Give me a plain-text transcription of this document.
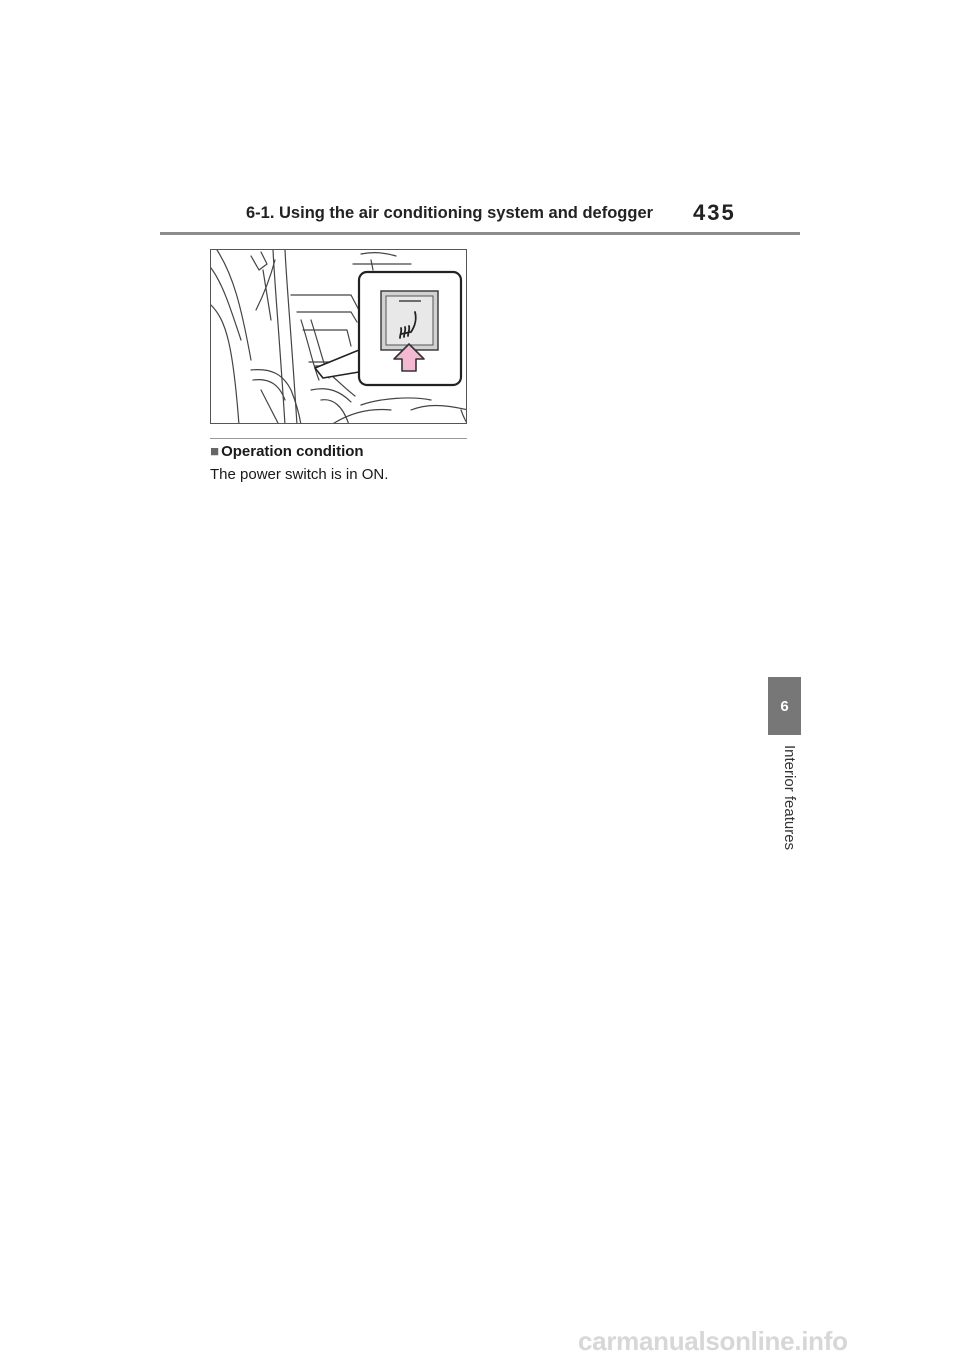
6-1. Using the air conditioning system and defogger	435
6
Interior features
■ Operation condition
The power switch is in ON.
carmanualsonline.info
